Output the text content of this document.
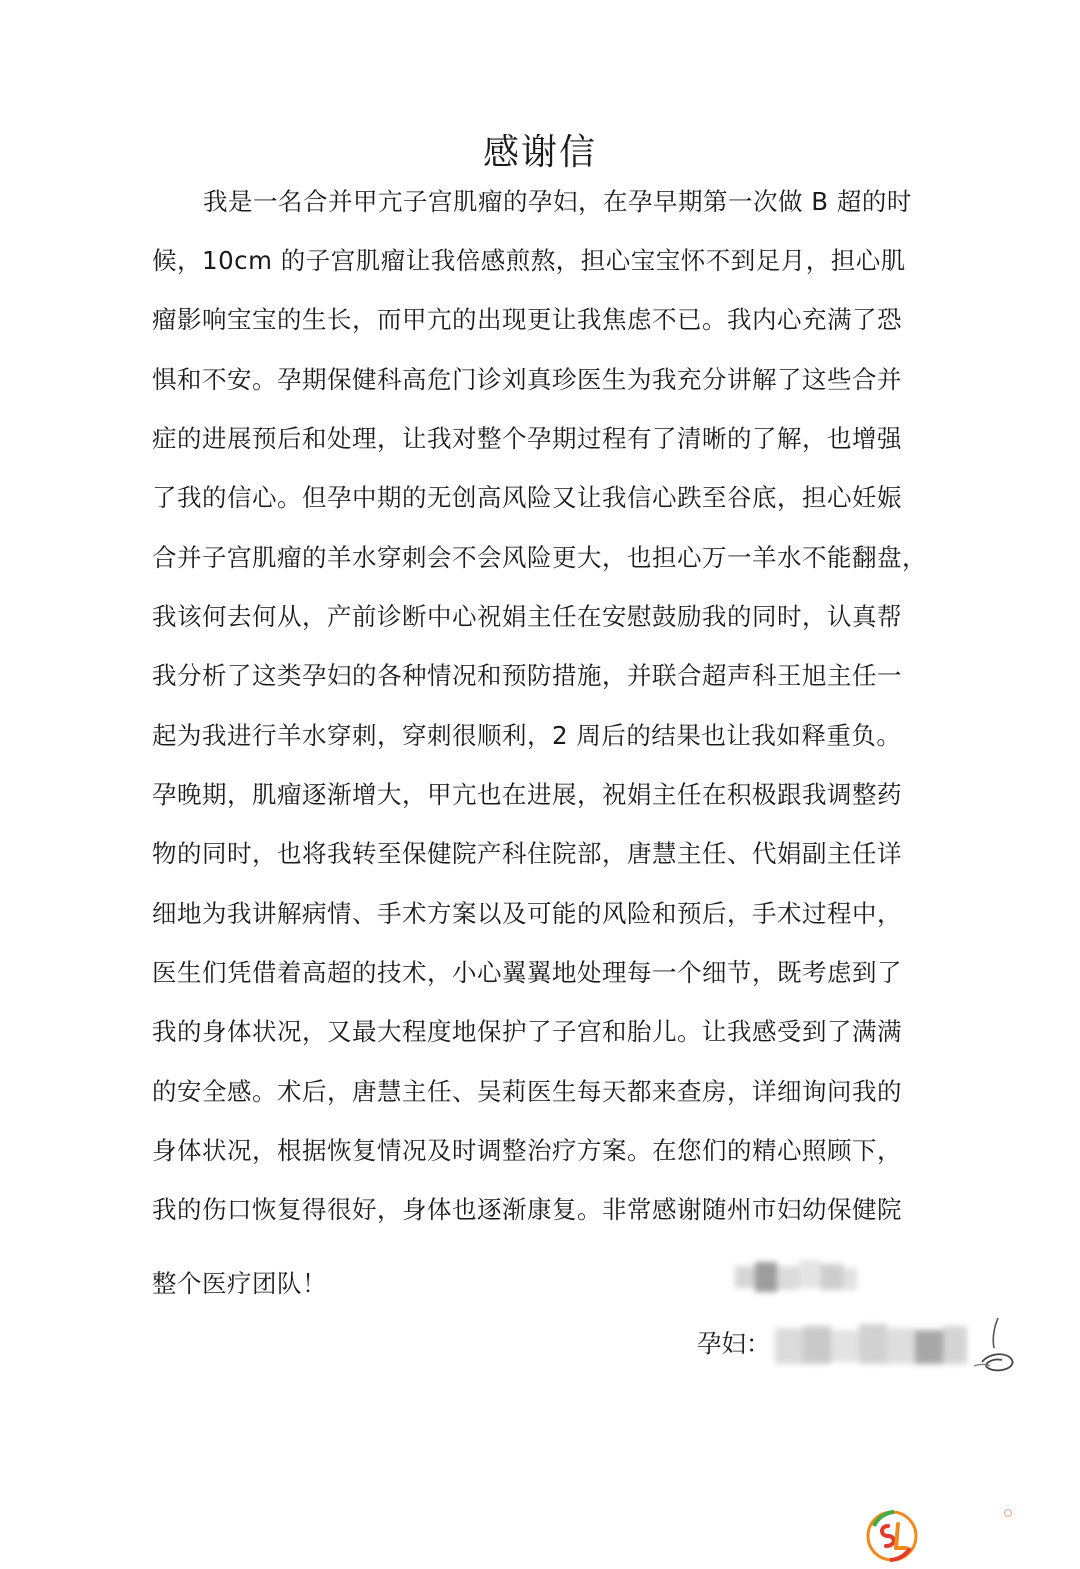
感谢信
我是一名合并甲亢子宫肌瘤的孕妇，在孕早期第一次做 B 超的时
候，10cm 的子宫肌瘤让我倍感煎熬，担心宝宝怀不到足月，担心肌
瘤影响宝宝的生长，而甲亢的出现更让我焦虑不已。我内心充满了恐
惧和不安。孕期保健科高危门诊刘真珍医生为我充分讲解了这些合并
症的进展预后和处理，让我对整个孕期过程有了清晰的了解，也增强
了我的信心。但孕中期的无创高风险又让我信心跌至谷底，担心妊娠
合并子宫肌瘤的羊水穿刺会不会风险更大，也担心万一羊水不能翻盘，
我该何去何从，产前诊断中心祝娟主任在安慰鼓励我的同时，认真帮
我分析了这类孕妇的各种情况和预防措施，并联合超声科王旭主任一
起为我进行羊水穿刺，穿刺很顺利，2 周后的结果也让我如释重负。
孕晚期，肌瘤逐渐增大，甲亢也在进展，祝娟主任在积极跟我调整药
物的同时，也将我转至保健院产科住院部，唐慧主任、代娟副主任详
细地为我讲解病情、手术方案以及可能的风险和预后，手术过程中，
医生们凭借着高超的技术，小心翼翼地处理每一个细节，既考虑到了
我的身体状况，又最大程度地保护了子宫和胎儿。让我感受到了满满
的安全感。术后，唐慧主任、吴莉医生每天都来查房，详细询问我的
身体状况，根据恢复情况及时调整治疗方案。在您们的精心照顾下，
我的伤口恢复得很好，身体也逐渐康复。非常感谢随州市妇幼保健院
整个医疗团队！
孕妇：
